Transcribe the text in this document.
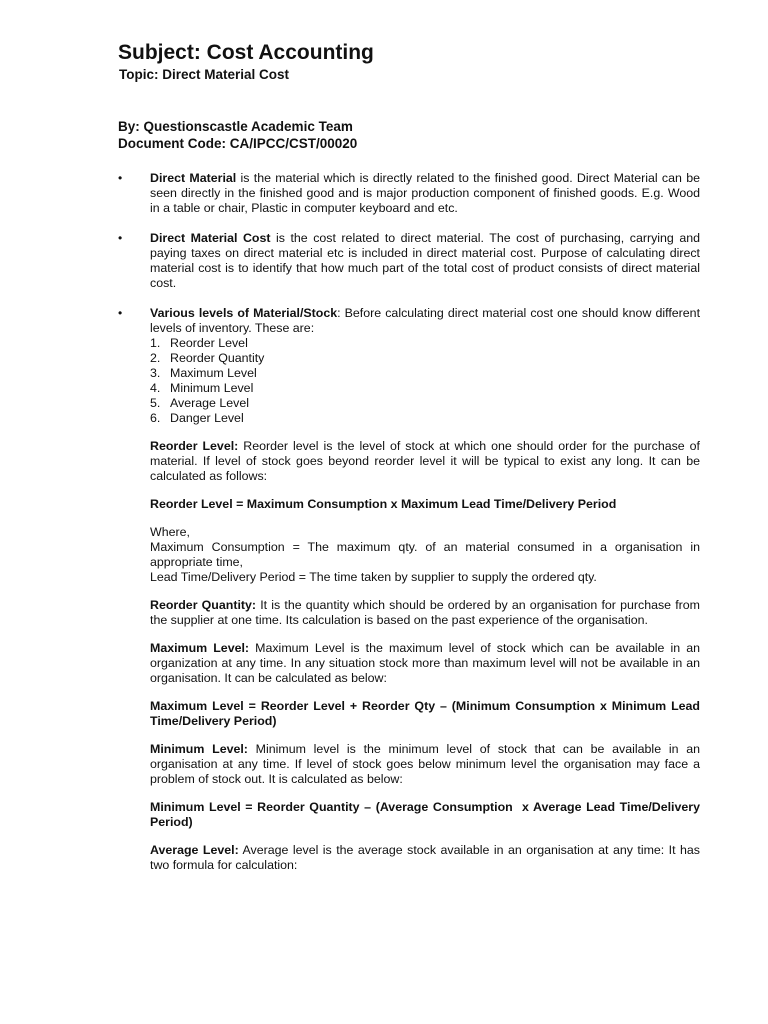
Subject: Cost Accounting
Topic: Direct Material Cost
By: Questionscastle Academic Team
Document Code: CA/IPCC/CST/00020
• Direct Material is the material which is directly related to the finished good. Direct Material can be seen directly in the finished good and is major production component of finished goods. E.g. Wood in a table or chair, Plastic in computer keyboard and etc.
• Direct Material Cost is the cost related to direct material. The cost of purchasing, carrying and paying taxes on direct material etc is included in direct material cost. Purpose of calculating direct material cost is to identify that how much part of the total cost of product consists of direct material cost.
• Various levels of Material/Stock: Before calculating direct material cost one should know different levels of inventory. These are:
1. Reorder Level
2. Reorder Quantity
3. Maximum Level
4. Minimum Level
5. Average Level
6. Danger Level
Reorder Level: Reorder level is the level of stock at which one should order for the purchase of material. If level of stock goes beyond reorder level it will be typical to exist any long. It can be calculated as follows:
Reorder Level = Maximum Consumption x Maximum Lead Time/Delivery Period
Where,
Maximum Consumption = The maximum qty. of an material consumed in a organisation in appropriate time,
Lead Time/Delivery Period = The time taken by supplier to supply the ordered qty.
Reorder Quantity: It is the quantity which should be ordered by an organisation for purchase from the supplier at one time. Its calculation is based on the past experience of the organisation.
Maximum Level: Maximum Level is the maximum level of stock which can be available in an organization at any time. In any situation stock more than maximum level will not be available in an organisation. It can be calculated as below:
Maximum Level = Reorder Level + Reorder Qty – (Minimum Consumption x Minimum Lead Time/Delivery Period)
Minimum Level: Minimum level is the minimum level of stock that can be available in an organisation at any time. If level of stock goes below minimum level the organisation may face a problem of stock out. It is calculated as below:
Minimum Level = Reorder Quantity – (Average Consumption  x Average Lead Time/Delivery Period)
Average Level: Average level is the average stock available in an organisation at any time: It has two formula for calculation:
